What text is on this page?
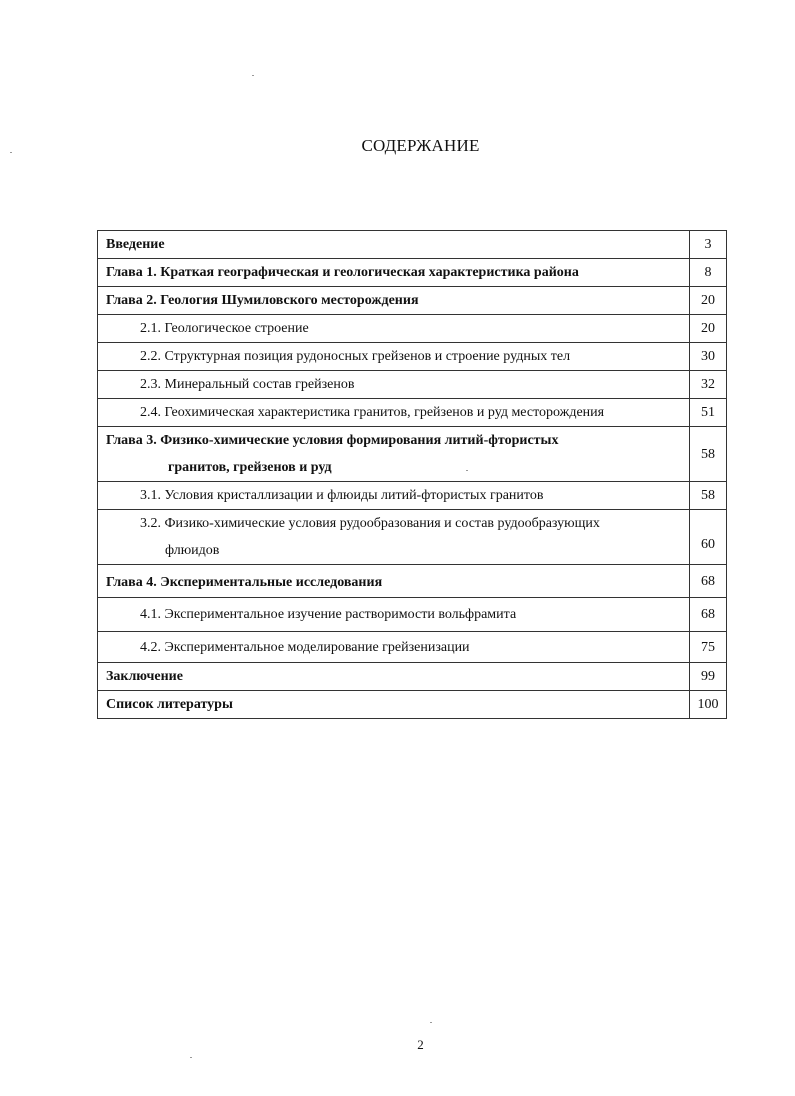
СОДЕРЖАНИЕ
Введение	3
Глава 1. Краткая географическая и геологическая характеристика района	8
Глава 2. Геология Шумиловского месторождения	20
2.1. Геологическое строение	20
2.2. Структурная позиция рудоносных грейзенов и строение рудных тел	30
2.3. Минеральный состав грейзенов	32
2.4. Геохимическая характеристика гранитов, грейзенов и руд месторождения	51
Глава 3. Физико-химические условия формирования литий-фтористых
гранитов, грейзенов и руд	58
3.1. Условия кристаллизации и флюиды литий-фтористых гранитов	58
3.2. Физико-химические условия рудообразования и состав рудообразующих
флюидов	60
Глава 4. Экспериментальные исследования	68
4.1. Экспериментальное изучение растворимости вольфрамита	68
4.2. Экспериментальное моделирование грейзенизации	75
Заключение	99
Список литературы	100
2
